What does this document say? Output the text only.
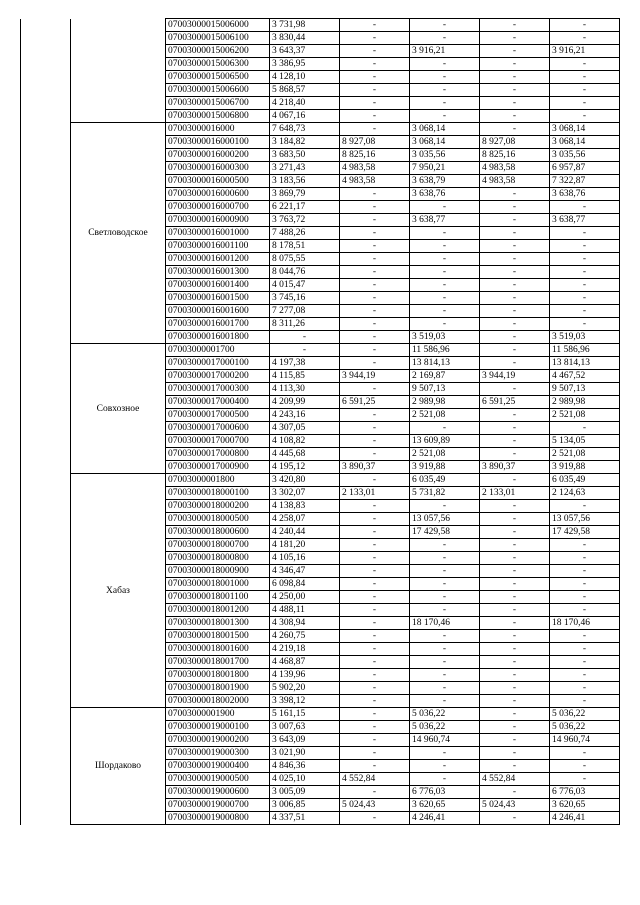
		07003000015006000	3 731,98	-	-	-	-
		07003000015006100	3 830,44	-	-	-	-
		07003000015006200	3 643,37	-	3 916,21	-	3 916,21
		07003000015006300	3 386,95	-	-	-	-
		07003000015006500	4 128,10	-	-	-	-
		07003000015006600	5 868,57	-	-	-	-
		07003000015006700	4 218,40	-	-	-	-
		07003000015006800	4 067,16	-	-	-	-
	Светловодское	07003000016000	7 648,73	-	3 068,14	-	3 068,14
		07003000016000100	3 184,82	8 927,08	3 068,14	8 927,08	3 068,14
		07003000016000200	3 683,50	8 825,16	3 035,56	8 825,16	3 035,56
		07003000016000300	3 271,43	4 983,58	7 950,21	4 983,58	6 957,87
		07003000016000500	3 183,56	4 983,58	3 638,79	4 983,58	7 322,87
		07003000016000600	3 869,79	-	3 638,76	-	3 638,76
		07003000016000700	6 221,17	-	-	-	-
		07003000016000900	3 763,72	-	3 638,77	-	3 638,77
		07003000016001000	7 488,26	-	-	-	-
		07003000016001100	8 178,51	-	-	-	-
		07003000016001200	8 075,55	-	-	-	-
		07003000016001300	8 044,76	-	-	-	-
		07003000016001400	4 015,47	-	-	-	-
		07003000016001500	3 745,16	-	-	-	-
		07003000016001600	7 277,08	-	-	-	-
		07003000016001700	8 311,26	-	-	-	-
		07003000016001800	-	-	3 519,03	-	3 519,03
	Совхозное	07003000001700	-	-	11 586,96	-	11 586,96
		07003000017000100	4 197,38	-	13 814,13	-	13 814,13
		07003000017000200	4 115,85	3 944,19	2 169,87	3 944,19	4 467,52
		07003000017000300	4 113,30	-	9 507,13	-	9 507,13
		07003000017000400	4 209,99	6 591,25	2 989,98	6 591,25	2 989,98
		07003000017000500	4 243,16	-	2 521,08	-	2 521,08
		07003000017000600	4 307,05	-	-	-	-
		07003000017000700	4 108,82	-	13 609,89	-	5 134,05
		07003000017000800	4 445,68	-	2 521,08	-	2 521,08
		07003000017000900	4 195,12	3 890,37	3 919,88	3 890,37	3 919,88
	Хабаз	07003000001800	3 420,80	-	6 035,49	-	6 035,49
		07003000018000100	3 302,07	2 133,01	5 731,82	2 133,01	2 124,63
		07003000018000200	4 138,83	-	-	-	-
		07003000018000500	4 258,07	-	13 057,56	-	13 057,56
		07003000018000600	4 240,44	-	17 429,58	-	17 429,58
		07003000018000700	4 181,20	-	-	-	-
		07003000018000800	4 105,16	-	-	-	-
		07003000018000900	4 346,47	-	-	-	-
		07003000018001000	6 098,84	-	-	-	-
		07003000018001100	4 250,00	-	-	-	-
		07003000018001200	4 488,11	-	-	-	-
		07003000018001300	4 308,94	-	18 170,46	-	18 170,46
		07003000018001500	4 260,75	-	-	-	-
		07003000018001600	4 219,18	-	-	-	-
		07003000018001700	4 468,87	-	-	-	-
		07003000018001800	4 139,96	-	-	-	-
		07003000018001900	5 902,20	-	-	-	-
		07003000018002000	3 398,12	-	-	-	-
	Шордаково	07003000001900	5 161,15	-	5 036,22	-	5 036,22
		07003000019000100	3 007,63	-	5 036,22	-	5 036,22
		07003000019000200	3 643,09	-	14 960,74	-	14 960,74
		07003000019000300	3 021,90	-	-	-	-
		07003000019000400	4 846,36	-	-	-	-
		07003000019000500	4 025,10	4 552,84	-	4 552,84	-
		07003000019000600	3 005,09	-	6 776,03	-	6 776,03
		07003000019000700	3 006,85	5 024,43	3 620,65	5 024,43	3 620,65
		07003000019000800	4 337,51	-	4 246,41	-	4 246,41
